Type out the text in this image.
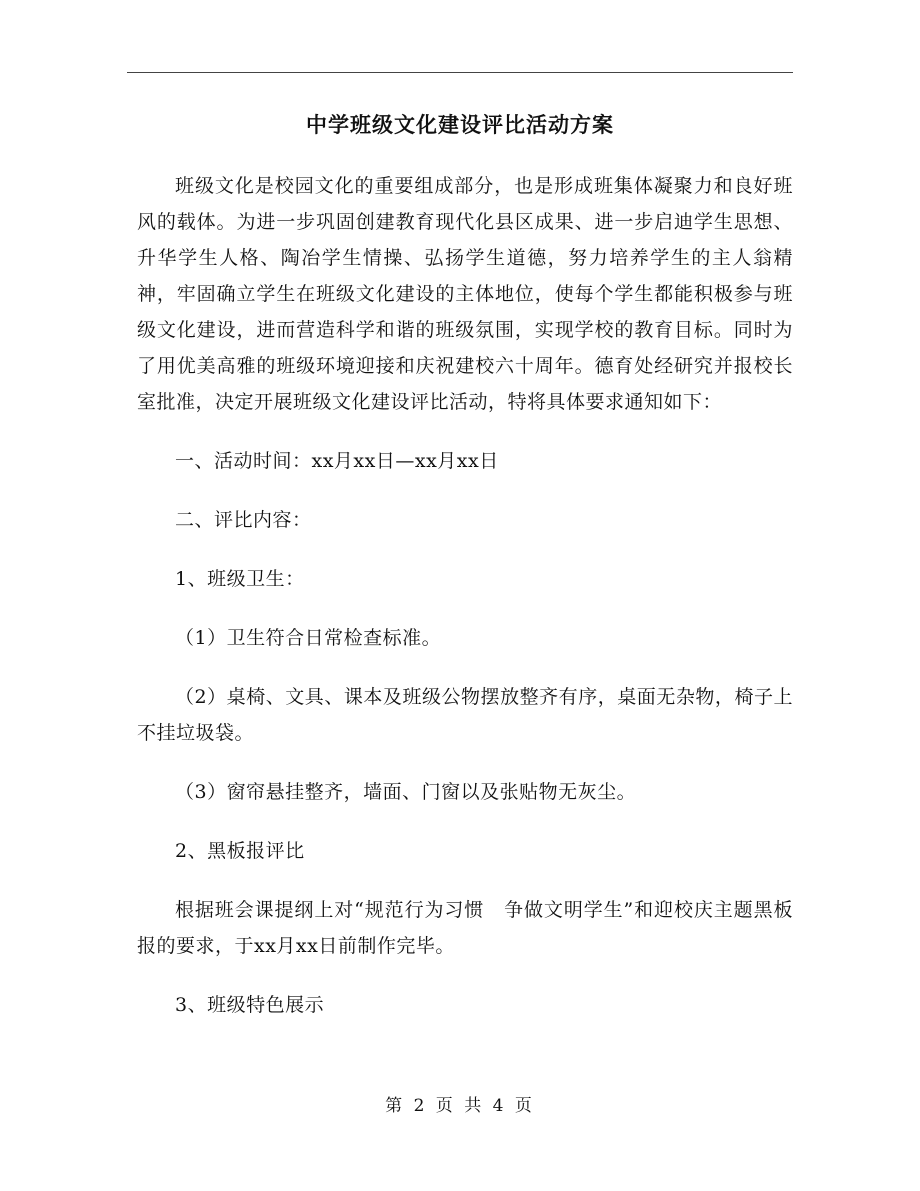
中学班级文化建设评比活动方案

班级文化是校园文化的重要组成部分，也是形成班集体凝聚力和良好班风的载体。为进一步巩固创建教育现代化县区成果、进一步启迪学生思想、升华学生人格、陶冶学生情操、弘扬学生道德，努力培养学生的主人翁精神，牢固确立学生在班级文化建设的主体地位，使每个学生都能积极参与班级文化建设，进而营造科学和谐的班级氛围，实现学校的教育目标。同时为了用优美高雅的班级环境迎接和庆祝建校六十周年。德育处经研究并报校长室批准，决定开展班级文化建设评比活动，特将具体要求通知如下：

一、活动时间：xx月xx日—xx月xx日

二、评比内容：

1、班级卫生：

（1）卫生符合日常检查标准。

（2）桌椅、文具、课本及班级公物摆放整齐有序，桌面无杂物，椅子上不挂垃圾袋。

（3）窗帘悬挂整齐，墙面、门窗以及张贴物无灰尘。

2、黑板报评比

根据班会课提纲上对“规范行为习惯　争做文明学生”和迎校庆主题黑板报的要求，于xx月xx日前制作完毕。

3、班级特色展示

第 2 页 共 4 页
